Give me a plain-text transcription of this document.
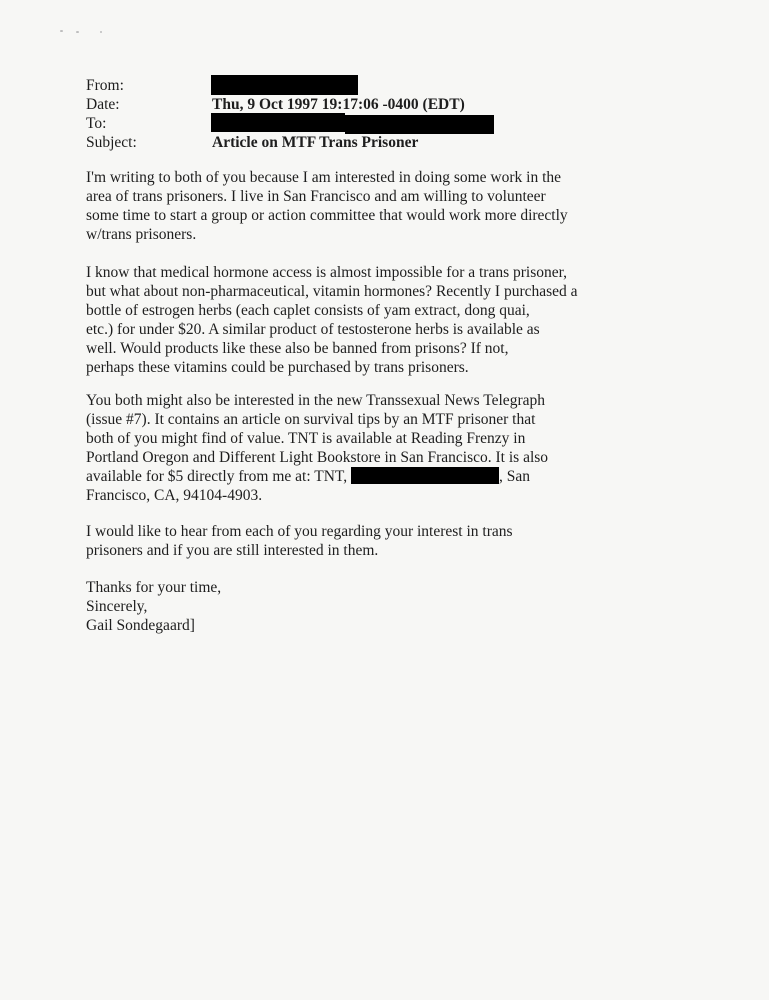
From:
Date:
To:
Subject:
Thu, 9 Oct 1997 19:17:06 -0400 (EDT)
Article on MTF Trans Prisoner
I'm writing to both of you because I am interested in doing some work in the
area of trans prisoners. I live in San Francisco and am willing to volunteer
some time to start a group or action committee that would work more directly
w/trans prisoners.
I know that medical hormone access is almost impossible for a trans prisoner,
but what about non-pharmaceutical, vitamin hormones? Recently I purchased a
bottle of estrogen herbs (each caplet consists of yam extract, dong quai,
etc.) for under $20. A similar product of testosterone herbs is available as
well. Would products like these also be banned from prisons? If not,
perhaps these vitamins could be purchased by trans prisoners.
You both might also be interested in the new Transsexual News Telegraph
(issue #7). It contains an article on survival tips by an MTF prisoner that
both of you might find of value. TNT is available at Reading Frenzy in
Portland Oregon and Different Light Bookstore in San Francisco. It is also
available for $5 directly from me at: TNT,	, San
Francisco, CA, 94104-4903.
I would like to hear from each of you regarding your interest in trans
prisoners and if you are still interested in them.
Thanks for your time,
Sincerely,
Gail Sondegaard]
